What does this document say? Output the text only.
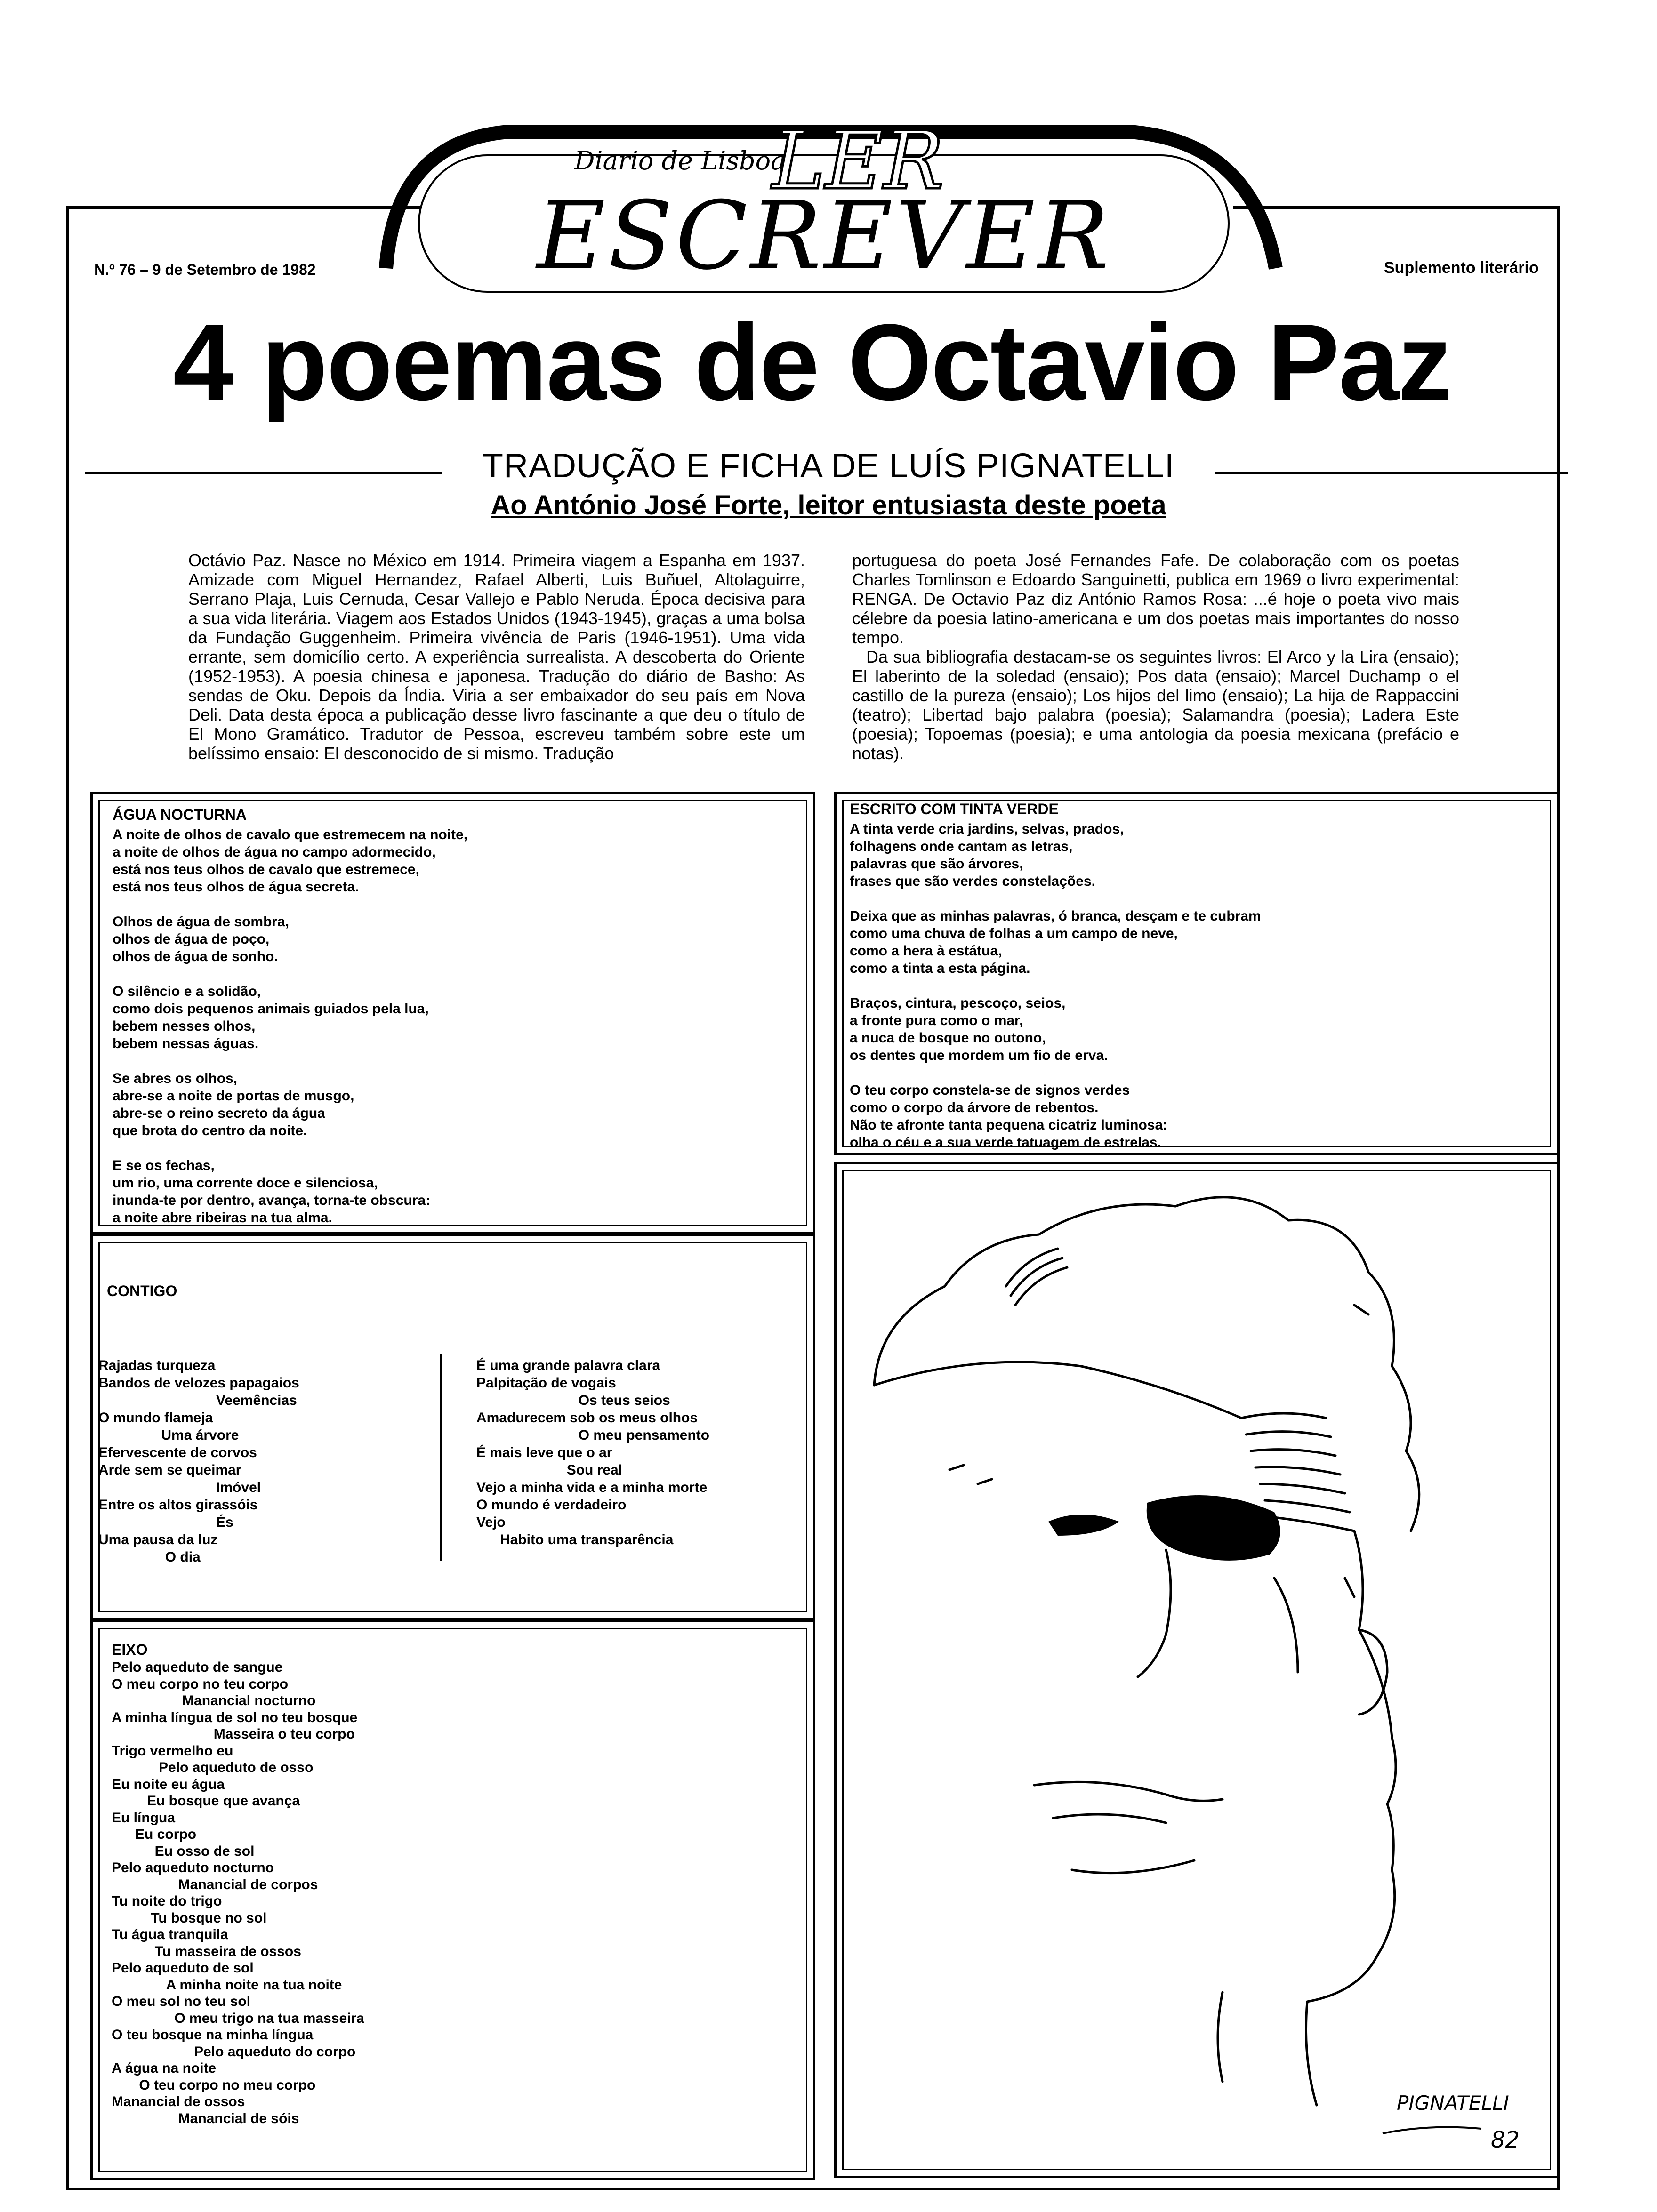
Diario de Lisboa
LER
ESCREVER
N.º 76 – 9 de Setembro de 1982	Suplemento literário
4 poemas de Octavio Paz
TRADUÇÃO E FICHA DE LUÍS PIGNATELLI
Ao António José Forte, leitor entusiasta deste poeta
Octávio Paz. Nasce no México em 1914. Primeira viagem a Espanha em 1937. Amizade com Miguel Hernandez, Rafael Alberti, Luis Buñuel, Altolaguirre, Serrano Plaja, Luis Cernuda, Cesar Vallejo e Pablo Neruda. Época decisiva para a sua vida literária. Viagem aos Estados Unidos (1943-1945), graças a uma bolsa da Fundação Guggenheim. Primeira vivência de Paris (1946-1951). Uma vida errante, sem domicílio certo. A experiência surrealista. A descoberta do Oriente (1952-1953). A poesia chinesa e japonesa. Tradução do diário de Basho: As sendas de Oku. Depois da Índia. Viria a ser embaixador do seu país em Nova Deli. Data desta época a publicação desse livro fascinante a que deu o título de El Mono Gramático. Tradutor de Pessoa, escreveu também sobre este um belíssimo ensaio: El desconocido de si mismo. Tradução
portuguesa do poeta José Fernandes Fafe. De colaboração com os poetas Charles Tomlinson e Edoardo Sanguinetti, publica em 1969 o livro experimental: RENGA. De Octavio Paz diz António Ramos Rosa: ...é hoje o poeta vivo mais célebre da poesia latino-americana e um dos poetas mais importantes do nosso tempo.
Da sua bibliografia destacam-se os seguintes livros: El Arco y la Lira (ensaio); El laberinto de la soledad (ensaio); Pos data (ensaio); Marcel Duchamp o el castillo de la pureza (ensaio); Los hijos del limo (ensaio); La hija de Rappaccini (teatro); Libertad bajo palabra (poesia); Salamandra (poesia); Ladera Este (poesia); Topoemas (poesia); e uma antologia da poesia mexicana (prefácio e notas).
ÁGUA NOCTURNA
A noite de olhos de cavalo que estremecem na noite,
a noite de olhos de água no campo adormecido,
está nos teus olhos de cavalo que estremece,
está nos teus olhos de água secreta.

Olhos de água de sombra,
olhos de água de poço,
olhos de água de sonho.

O silêncio e a solidão,
como dois pequenos animais guiados pela lua,
bebem nesses olhos,
bebem nessas águas.

Se abres os olhos,
abre-se a noite de portas de musgo,
abre-se o reino secreto da água
que brota do centro da noite.

E se os fechas,
um rio, uma corrente doce e silenciosa,
inunda-te por dentro, avança, torna-te obscura:
a noite abre ribeiras na tua alma.
ESCRITO COM TINTA VERDE
A tinta verde cria jardins, selvas, prados,
folhagens onde cantam as letras,
palavras que são árvores,
frases que são verdes constelações.

Deixa que as minhas palavras, ó branca, desçam e te cubram
como uma chuva de folhas a um campo de neve,
como a hera à estátua,
como a tinta a esta página.

Braços, cintura, pescoço, seios,
a fronte pura como o mar,
a nuca de bosque no outono,
os dentes que mordem um fio de erva.

O teu corpo constela-se de signos verdes
como o corpo da árvore de rebentos.
Não te afronte tanta pequena cicatriz luminosa:
olha o céu e a sua verde tatuagem de estrelas.
CONTIGO
Rajadas turqueza
Bandos de velozes papagaios
Veemências
O mundo flameja
Uma árvore
Efervescente de corvos
Arde sem se queimar
Imóvel
Entre os altos girassóis
És
Uma pausa da luz
O dia
É uma grande palavra clara
Palpitação de vogais
Os teus seios
Amadurecem sob os meus olhos
O meu pensamento
É mais leve que o ar
Sou real
Vejo a minha vida e a minha morte
O mundo é verdadeiro
Vejo
Habito uma transparência
EIXO
Pelo aqueduto de sangue
O meu corpo no teu corpo
Manancial nocturno
A minha língua de sol no teu bosque
Masseira o teu corpo
Trigo vermelho eu
Pelo aqueduto de osso
Eu noite eu água
Eu bosque que avança
Eu língua
Eu corpo
Eu osso de sol
Pelo aqueduto nocturno
Manancial de corpos
Tu noite do trigo
Tu bosque no sol
Tu água tranquila
Tu masseira de ossos
Pelo aqueduto de sol
A minha noite na tua noite
O meu sol no teu sol
O meu trigo na tua masseira
O teu bosque na minha língua
Pelo aqueduto do corpo
A água na noite
O teu corpo no meu corpo
Manancial de ossos
Manancial de sóis
PIGNATELLI
82
